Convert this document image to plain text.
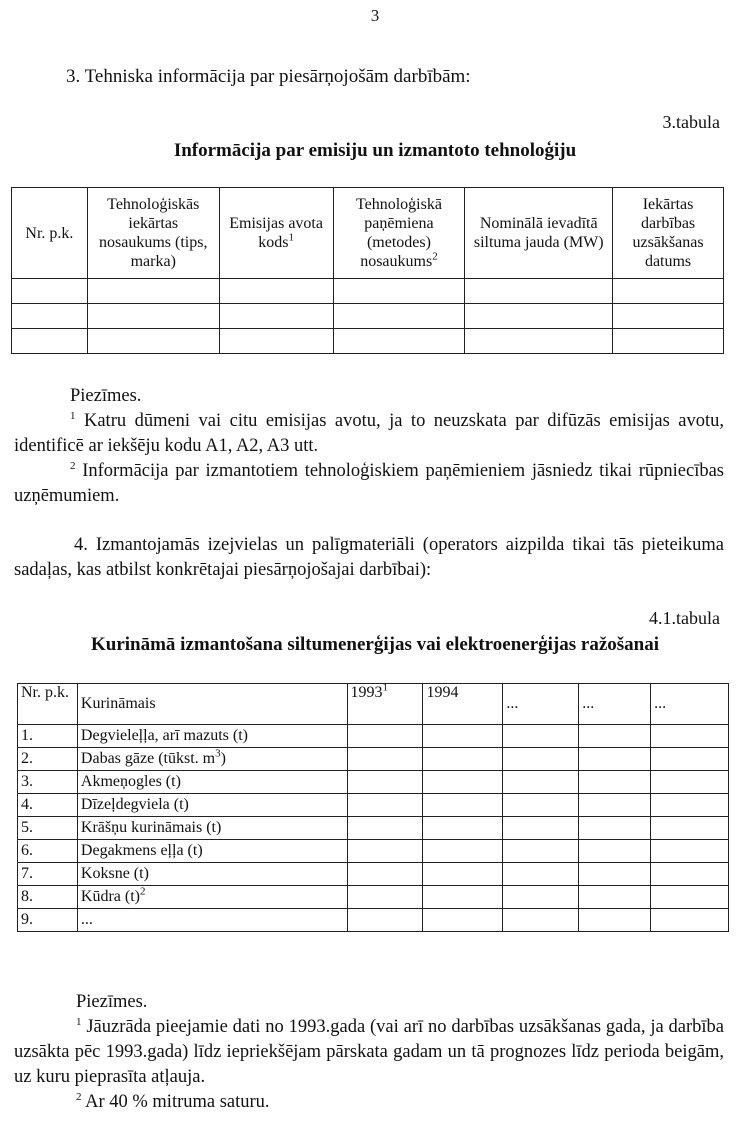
3
3. Tehniska informācija par piesārņojošām darbībām:
3.tabula
Informācija par emisiju un izmantoto tehnoloģiju
Nr. p.k.	Tehnoloģiskās iekārtas nosaukums (tips, marka)	Emisijas avota kods$^1$	Tehnoloģiskā paņēmiena (metodes) nosaukums$^2$	Nominālā ievadītā siltuma jauda (MW)	Iekārtas darbības uzsākšanas datums

Piezīmes.

$^1$ Katru dūmeni vai citu emisijas avotu, ja to neuzskata par difūzās emisijas avotu, identificē ar iekšēju kodu A1, A2, A3 utt.

$^2$ Informācija par izmantotiem tehnoloģiskiem paņēmieniem jāsniedz tikai rūpniecības uzņēmumiem.

4. Izmantojamās izejvielas un palīgmateriāli (operators aizpilda tikai tās pieteikuma sadaļas, kas atbilst konkrētajai piesārņojošajai darbībai):

4.1.tabula
Kurināmā izmantošana siltumenerģijas vai elektroenerģijas ražošanai
Nr. p.k.	Kurināmais	1993$^1$	1994	...	...	...
1.	Degvielеļļa, arī mazuts (t)					
2.	Dabas gāze (tūkst. $m^3$)					
3.	Akmeņogles (t)					
4.	Dīzeļdegviela (t)					
5.	Krāšņu kurināmais (t)					
6.	Degakmens eļļa (t)					
7.	Koksne (t)					
8.	Kūdra $(t)^2$					
9.	...					
Piezīmes.

$^1$ Jāuzrāda pieejamie dati no 1993.gada (vai arī no darbības uzsākšanas gada, ja darbība uzsākta pēc 1993.gada) līdz iepriekšējam pārskata gadam un tā prognozes līdz perioda beigām, uz kuru pieprasīta atļauja.

$^2$ Ar 40 % mitruma saturu.
